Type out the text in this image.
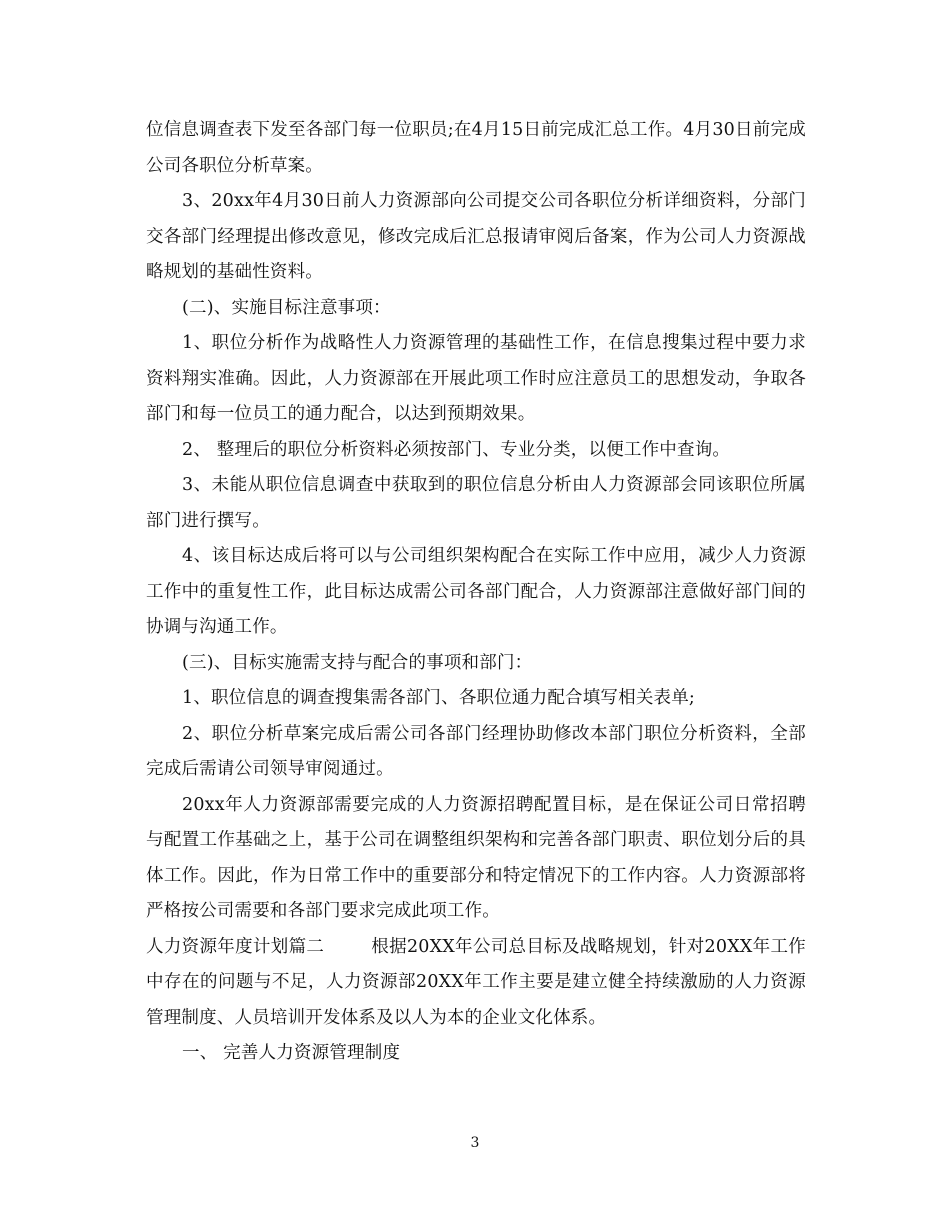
位信息调查表下发至各部门每一位职员;在4月15日前完成汇总工作。4月30日前完成公司各职位分析草案。

3、20xx年4月30日前人力资源部向公司提交公司各职位分析详细资料，分部门交各部门经理提出修改意见，修改完成后汇总报请审阅后备案，作为公司人力资源战略规划的基础性资料。

(二)、实施目标注意事项：

1、职位分析作为战略性人力资源管理的基础性工作，在信息搜集过程中要力求资料翔实准确。因此，人力资源部在开展此项工作时应注意员工的思想发动，争取各部门和每一位员工的通力配合，以达到预期效果。

2、 整理后的职位分析资料必须按部门、专业分类，以便工作中查询。

3、未能从职位信息调查中获取到的职位信息分析由人力资源部会同该职位所属部门进行撰写。

4、该目标达成后将可以与公司组织架构配合在实际工作中应用，减少人力资源工作中的重复性工作，此目标达成需公司各部门配合，人力资源部注意做好部门间的协调与沟通工作。

(三)、目标实施需支持与配合的事项和部门：

1、职位信息的调查搜集需各部门、各职位通力配合填写相关表单;

2、职位分析草案完成后需公司各部门经理协助修改本部门职位分析资料，全部完成后需请公司领导审阅通过。

20xx年人力资源部需要完成的人力资源招聘配置目标，是在保证公司日常招聘与配置工作基础之上，基于公司在调整组织架构和完善各部门职责、职位划分后的具体工作。因此，作为日常工作中的重要部分和特定情况下的工作内容。人力资源部将严格按公司需要和各部门要求完成此项工作。

人力资源年度计划篇二	根据20XX年公司总目标及战略规划，针对20XX年工作中存在的问题与不足，人力资源部20XX年工作主要是建立健全持续激励的人力资源管理制度、人员培训开发体系及以人为本的企业文化体系。

一、 完善人力资源管理制度

3
